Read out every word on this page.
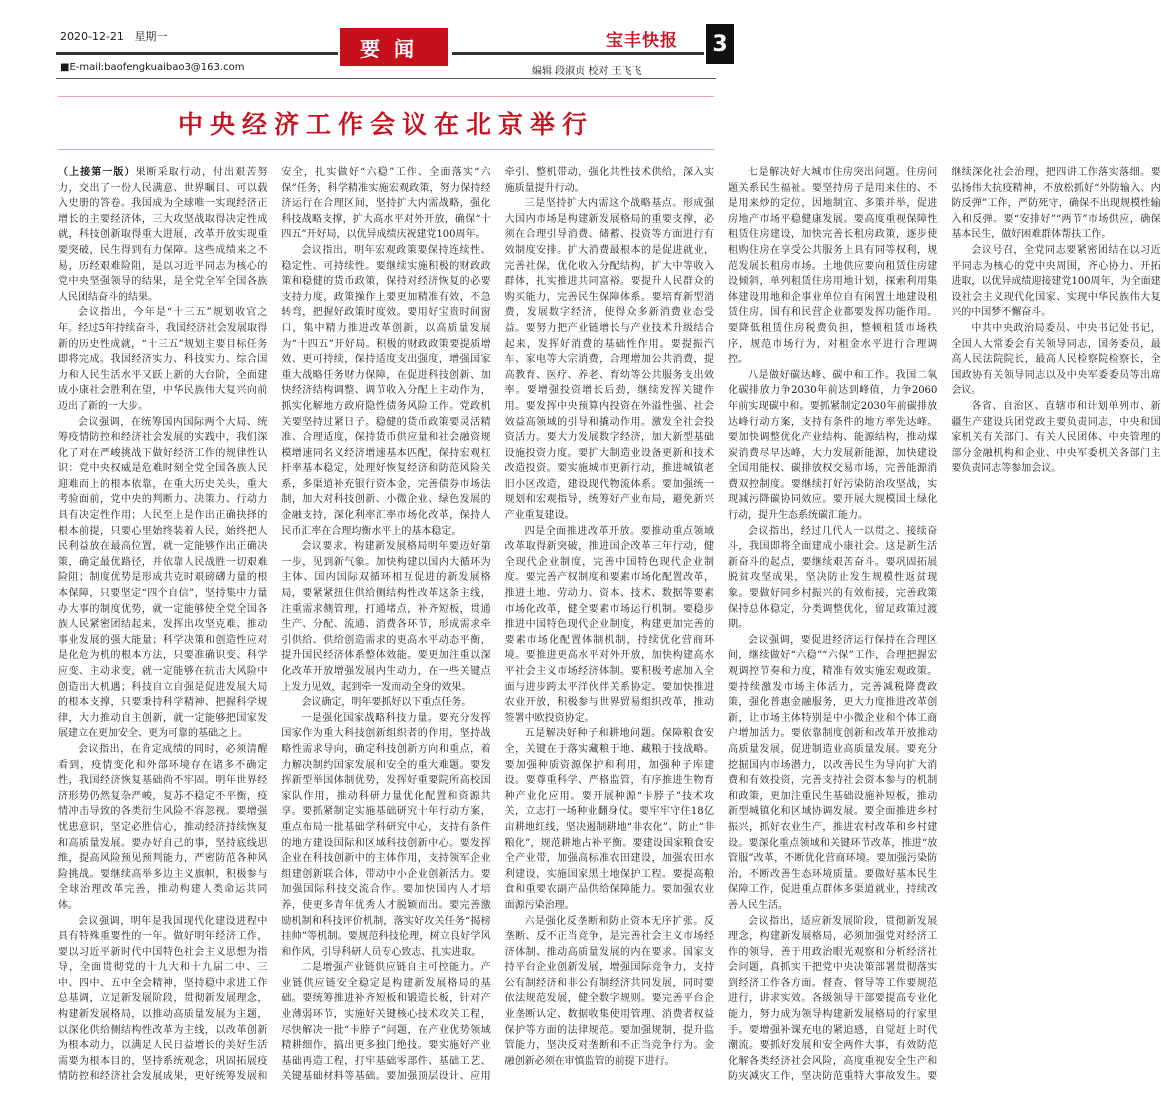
2020-12-21 星期一
■E-mail:baofengkuaibao3@163.com
要闻	宝丰快报 3
编辑 段淑贞 校对 王飞飞
中央经济工作会议在北京举行

（上接第一版）果断采取行动，付出艰苦努力，交出了一份人民满意、世界瞩目、可以载入史册的答卷。我国成为全球唯一实现经济正增长的主要经济体，三大攻坚战取得决定性成就，科技创新取得重大进展，改革开放实现重要突破，民生得到有力保障。这些成绩来之不易，历经艰难险阻，是以习近平同志为核心的党中央坚强领导的结果，是全党全军全国各族人民团结奋斗的结果。

会议指出，今年是“十三五”规划收官之年。经过5年持续奋斗，我国经济社会发展取得新的历史性成就，“十三五”规划主要目标任务即将完成。我国经济实力、科技实力、综合国力和人民生活水平又跃上新的大台阶，全面建成小康社会胜利在望，中华民族伟大复兴向前迈出了新的一大步。

会议强调，在统筹国内国际两个大局、统筹疫情防控和经济社会发展的实践中，我们深化了对在严峻挑战下做好经济工作的规律性认识：党中央权威是危难时刻全党全国各族人民迎难而上的根本依靠，在重大历史关头，重大考验面前，党中央的判断力、决策力、行动力具有决定性作用；人民至上是作出正确抉择的根本前提，只要心里始终装着人民，始终把人民利益放在最高位置，就一定能够作出正确决策，确定最优路径，并依靠人民战胜一切艰难险阻；制度优势是形成共克时艰磅礴力量的根本保障，只要坚定“四个自信”，坚持集中力量办大事的制度优势，就一定能够使全党全国各族人民紧密团结起来，发挥出攻坚克难、推动事业发展的强大能量；科学决策和创造性应对是化危为机的根本方法，只要准确识变、科学应变、主动求变，就一定能够在抗击大风险中创造出大机遇；科技自立自强是促进发展大局的根本支撑，只要秉持科学精神、把握科学规律，大力推动自主创新，就一定能够把国家发展建立在更加安全、更为可靠的基础之上。

会议指出，在肯定成绩的同时，必须清醒看到，疫情变化和外部环境存在诸多不确定性，我国经济恢复基础尚不牢固。明年世界经济形势仍然复杂严峻，复苏不稳定不平衡，疫情冲击导致的各类衍生风险不容忽视。要增强忧患意识，坚定必胜信心，推动经济持续恢复和高质量发展。要办好自己的事，坚持底线思维，提高风险预见预判能力，严密防范各种风险挑战。要继续高举多边主义旗帜，积极参与全球治理改革完善，推动构建人类命运共同体。

会议强调，明年是我国现代化建设进程中具有特殊重要性的一年。做好明年经济工作，要以习近平新时代中国特色社会主义思想为指导，全面贯彻党的十九大和十九届二中、三中、四中、五中全会精神，坚持稳中求进工作总基调，立足新发展阶段，贯彻新发展理念，构建新发展格局，以推动高质量发展为主题，以深化供给侧结构性改革为主线，以改革创新为根本动力，以满足人民日益增长的美好生活需要为根本目的，坚持系统观念，巩固拓展疫情防控和经济社会发展成果，更好统筹发展和安全，扎实做好“六稳”工作、全面落实“六保”任务，科学精准实施宏观政策，努力保持经济运行在合理区间，坚持扩大内需战略，强化科技战略支撑，扩大高水平对外开放，确保“十四五”开好局，以优异成绩庆祝建党100周年。

会议指出，明年宏观政策要保持连续性、稳定性、可持续性。要继续实施积极的财政政策和稳健的货币政策，保持对经济恢复的必要支持力度，政策操作上要更加精准有效，不急转弯，把握好政策时度效。要用好宝贵时间窗口，集中精力推进改革创新，以高质量发展为“十四五”开好局。积极的财政政策要提质增效、更可持续，保持适度支出强度，增强国家重大战略任务财力保障，在促进科技创新、加快经济结构调整、调节收入分配上主动作为，抓实化解地方政府隐性债务风险工作。党政机关要坚持过紧日子。稳健的货币政策要灵活精准、合理适度，保持货币供应量和社会融资规模增速同名义经济增速基本匹配，保持宏观杠杆率基本稳定，处理好恢复经济和防范风险关系，多渠道补充银行资本金，完善债券市场法制，加大对科技创新、小微企业、绿色发展的金融支持，深化利率汇率市场化改革，保持人民币汇率在合理均衡水平上的基本稳定。

会议要求，构建新发展格局明年要迈好第一步，见到新气象。加快构建以国内大循环为主体、国内国际双循环相互促进的新发展格局，要紧紧扭住供给侧结构性改革这条主线，注重需求侧管理，打通堵点，补齐短板，贯通生产、分配、流通、消费各环节，形成需求牵引供给、供给创造需求的更高水平动态平衡，提升国民经济体系整体效能。要更加注重以深化改革开放增强发展内生动力，在一些关键点上发力见效，起到牵一发而动全身的效果。

会议确定，明年要抓好以下重点任务。

一是强化国家战略科技力量。要充分发挥国家作为重大科技创新组织者的作用，坚持战略性需求导向，确定科技创新方向和重点，着力解决制约国家发展和安全的重大难题。要发挥新型举国体制优势，发挥好重要院所高校国家队作用，推动科研力量优化配置和资源共享。要抓紧制定实施基础研究十年行动方案，重点布局一批基础学科研究中心，支持有条件的地方建设国际和区域科技创新中心。要发挥企业在科技创新中的主体作用，支持领军企业组建创新联合体，带动中小企业创新活力。要加强国际科技交流合作。要加快国内人才培养，使更多青年优秀人才脱颖而出。要完善激励机制和科技评价机制，落实好攻关任务“揭榜挂帅”等机制。要规范科技伦理，树立良好学风和作风，引导科研人员专心致志、扎实进取。

二是增强产业链供应链自主可控能力。产业链供应链安全稳定是构建新发展格局的基础。要统筹推进补齐短板和锻造长板，针对产业薄弱环节，实施好关键核心技术攻关工程，尽快解决一批“卡脖子”问题，在产业优势领域精耕细作，搞出更多独门绝技。要实施好产业基础再造工程，打牢基础零部件、基础工艺、关键基础材料等基础。要加强顶层设计、应用牵引、整机带动，强化共性技术供给，深入实施质量提升行动。

三是坚持扩大内需这个战略基点。形成强大国内市场是构建新发展格局的重要支撑，必须在合理引导消费、储蓄、投资等方面进行有效制度安排。扩大消费最根本的是促进就业，完善社保，优化收入分配结构，扩大中等收入群体，扎实推进共同富裕。要提升人民群众的购买能力，完善民生保障体系。要培育新型消费，发展数字经济，使得众多新消费业态受益。要努力把产业链增长与产业技术升级结合起来，发挥好消费的基础性作用。要提振汽车、家电等大宗消费，合理增加公共消费，提高教育、医疗、养老、育幼等公共服务支出效率。要增强投资增长后劲，继续发挥关键作用。要发挥中央预算内投资在外溢性强、社会效益高领域的引导和撬动作用。激发全社会投资活力。要大力发展数字经济，加大新型基础设施投资力度。要扩大制造业设备更新和技术改造投资。要实施城市更新行动，推进城镇老旧小区改造，建设现代物流体系。要加强统一规划和宏观指导，统筹好产业布局，避免新兴产业重复建设。

四是全面推进改革开放。要推动重点领域改革取得新突破，推进国企改革三年行动，健全现代企业制度，完善中国特色现代企业制度。要完善产权制度和要素市场化配置改革，推进土地、劳动力、资本、技术、数据等要素市场化改革，健全要素市场运行机制。要稳步推进中国特色现代企业制度，构建更加完善的要素市场化配置体制机制，持续优化营商环境。要推进更高水平对外开放，加快构建高水平社会主义市场经济体制。要积极考虑加入全面与进步跨太平洋伙伴关系协定。要加快推进农业开放，积极参与世界贸易组织改革，推动签署中欧投资协定。

五是解决好种子和耕地问题。保障粮食安全，关键在于落实藏粮于地、藏粮于技战略。要加强种质资源保护和利用，加强种子库建设。要尊重科学、严格监管，有序推进生物育种产业化应用。要开展种源“卡脖子”技术攻关，立志打一场种业翻身仗。要牢牢守住18亿亩耕地红线，坚决遏制耕地“非农化”、防止“非粮化”，规范耕地占补平衡。要建设国家粮食安全产业带，加强高标准农田建设，加强农田水利建设，实施国家黑土地保护工程。要提高粮食和重要农副产品供给保障能力。要加强农业面源污染治理。

六是强化反垄断和防止资本无序扩张。反垄断、反不正当竞争，是完善社会主义市场经济体制、推动高质量发展的内在要求。国家支持平台企业创新发展，增强国际竞争力，支持公有制经济和非公有制经济共同发展，同时要依法规范发展，健全数字规则。要完善平台企业垄断认定、数据收集使用管理、消费者权益保护等方面的法律规范。要加强规制，提升监管能力，坚决反对垄断和不正当竞争行为。金融创新必须在审慎监管的前提下进行。

七是解决好大城市住房突出问题。住房问题关系民生福祉。要坚持房子是用来住的、不是用来炒的定位，因地制宜、多策并举，促进房地产市场平稳健康发展。要高度重视保障性租赁住房建设，加快完善长租房政策，逐步使租购住房在享受公共服务上具有同等权利，规范发展长租房市场。土地供应要向租赁住房建设倾斜，单列租赁住房用地计划，探索利用集体建设用地和企事业单位自有闲置土地建设租赁住房，国有和民营企业都要发挥功能作用。要降低租赁住房税费负担，整顿租赁市场秩序，规范市场行为，对租金水平进行合理调控。

八是做好碳达峰、碳中和工作。我国二氧化碳排放力争2030年前达到峰值，力争2060年前实现碳中和。要抓紧制定2030年前碳排放达峰行动方案，支持有条件的地方率先达峰。要加快调整优化产业结构、能源结构，推动煤炭消费尽早达峰，大力发展新能源，加快建设全国用能权、碳排放权交易市场，完善能源消费双控制度。要继续打好污染防治攻坚战，实现减污降碳协同效应。要开展大规模国土绿化行动，提升生态系统碳汇能力。

会议指出，经过几代人一以贯之、接续奋斗，我国即将全面建成小康社会。这是新生活新奋斗的起点，要继续艰苦奋斗。要巩固拓展脱贫攻坚成果，坚决防止发生规模性返贫现象。要做好同乡村振兴的有效衔接，完善政策保持总体稳定，分类调整优化，留足政策过渡期。

会议强调，要促进经济运行保持在合理区间，继续做好“六稳”“六保”工作，合理把握宏观调控节奏和力度，精准有效实施宏观政策。要持续激发市场主体活力，完善减税降费政策，强化普惠金融服务，更大力度推进改革创新，让市场主体特别是中小微企业和个体工商户增加活力。要依靠制度创新和改革开放推动高质量发展，促进制造业高质量发展。要充分挖掘国内市场潜力，以改善民生为导向扩大消费和有效投资，完善支持社会资本参与的机制和政策，更加注重民生基础设施补短板，推动新型城镇化和区域协调发展。要全面推进乡村振兴，抓好农业生产，推进农村改革和乡村建设。要深化重点领域和关键环节改革，推进“放管服”改革，不断优化营商环境。要加强污染防治，不断改善生态环境质量。要做好基本民生保障工作，促进重点群体多渠道就业，持续改善人民生活。

会议指出，适应新发展阶段，贯彻新发展理念，构建新发展格局，必须加强党对经济工作的领导，善于用政治眼光观察和分析经济社会问题，真抓实干把党中央决策部署贯彻落实到经济工作各方面。督查、督导等工作要规范进行，讲求实效。各级领导干部要提高专业化能力，努力成为领导构建新发展格局的行家里手。要增强补课充电的紧迫感，自觉赶上时代潮流。要抓好发展和安全两件大事，有效防范化解各类经济社会风险，高度重视安全生产和防灾减灾工作，坚决防范重特大事故发生。要继续深化社会治理，把四讲工作落实落细。要弘扬伟大抗疫精神，不放松抓好“外防输入、内防反弹”工作，严防死守，确保不出现规模性输入和反弹。要“安排好”“两节”市场供应，确保基本民生，做好困难群体帮扶工作。

会议号召，全党同志要紧密团结在以习近平同志为核心的党中央周围，齐心协力、开拓进取，以优异成绩迎接建党100周年，为全面建设社会主义现代化国家、实现中华民族伟大复兴的中国梦不懈奋斗。

中共中央政治局委员、中央书记处书记，全国人大常委会有关领导同志，国务委员，最高人民法院院长，最高人民检察院检察长，全国政协有关领导同志以及中央军委委员等出席会议。

各省、自治区、直辖市和计划单列市、新疆生产建设兵团党政主要负责同志，中央和国家机关有关部门、有关人民团体、中央管理的部分金融机构和企业、中央军委机关各部门主要负责同志等参加会议。
